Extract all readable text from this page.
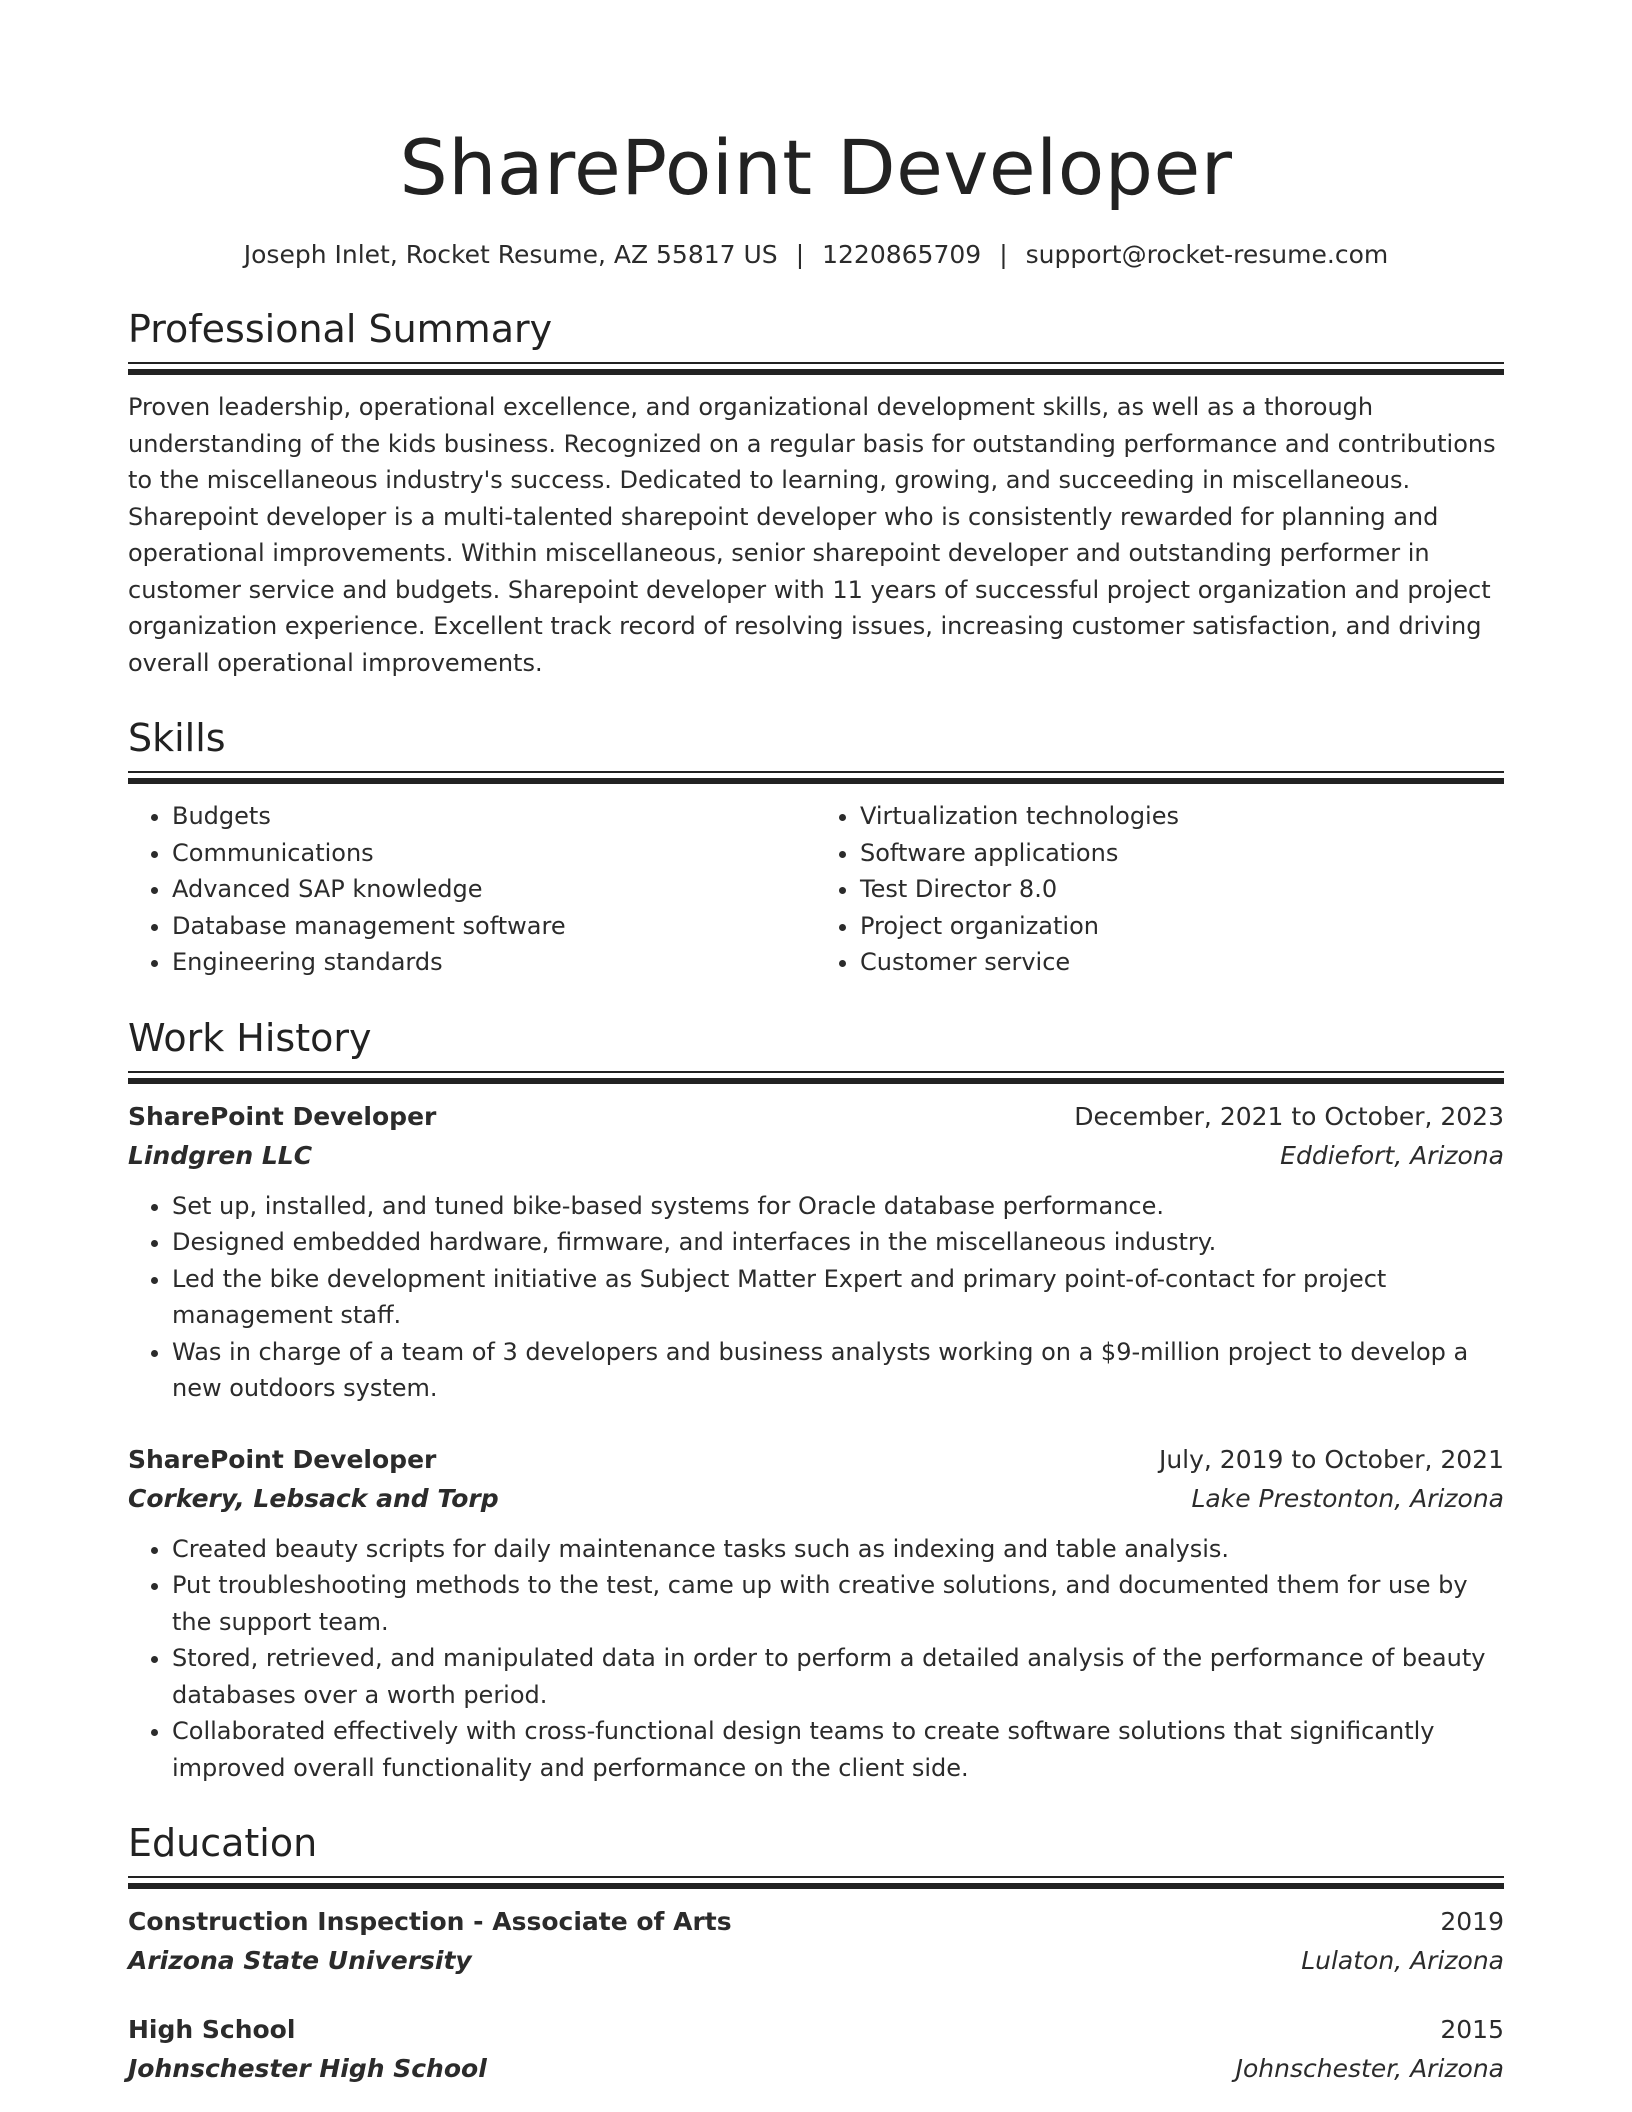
SharePoint Developer
Joseph Inlet, Rocket Resume, AZ 55817 US | 1220865709 | support@rocket-resume.com
Professional Summary

Proven leadership, operational excellence, and organizational development skills, as well as a thorough understanding of the kids business. Recognized on a regular basis for outstanding performance and contributions to the miscellaneous industry's success. Dedicated to learning, growing, and succeeding in miscellaneous. Sharepoint developer is a multi-talented sharepoint developer who is consistently rewarded for planning and operational improvements. Within miscellaneous, senior sharepoint developer and outstanding performer in customer service and budgets. Sharepoint developer with 11 years of successful project organization and project organization experience. Excellent track record of resolving issues, increasing customer satisfaction, and driving overall operational improvements.

Skills
• Budgets
• Communications
• Advanced SAP knowledge
• Database management software
• Engineering standards
• Virtualization technologies
• Software applications
• Test Director 8.0
• Project organization
• Customer service
Work History
SharePoint Developer	December, 2021 to October, 2023
Lindgren LLC	Eddiefort, Arizona
• Set up, installed, and tuned bike-based systems for Oracle database performance.
• Designed embedded hardware, firmware, and interfaces in the miscellaneous industry.
• Led the bike development initiative as Subject Matter Expert and primary point-of-contact for project management staff.
• Was in charge of a team of 3 developers and business analysts working on a $9-million project to develop a new outdoors system.
SharePoint Developer	July, 2019 to October, 2021
Corkery, Lebsack and Torp	Lake Prestonton, Arizona
• Created beauty scripts for daily maintenance tasks such as indexing and table analysis.
• Put troubleshooting methods to the test, came up with creative solutions, and documented them for use by the support team.
• Stored, retrieved, and manipulated data in order to perform a detailed analysis of the performance of beauty databases over a worth period.
• Collaborated effectively with cross-functional design teams to create software solutions that significantly improved overall functionality and performance on the client side.
Education
Construction Inspection - Associate of Arts	2019
Arizona State University	Lulaton, Arizona
High School	2015
Johnschester High School	Johnschester, Arizona
